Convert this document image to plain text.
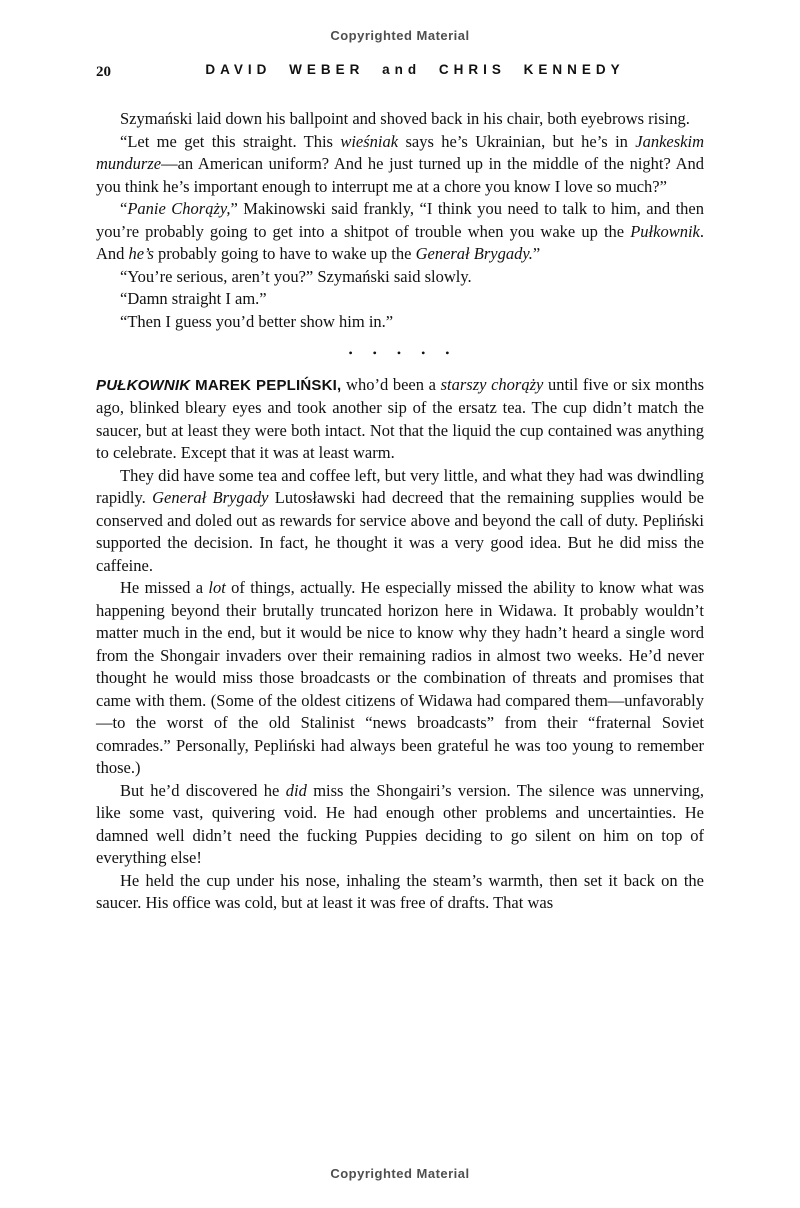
Copyrighted Material
20	DAVID WEBER and CHRIS KENNEDY

Szymański laid down his ballpoint and shoved back in his chair, both eyebrows rising.

“Let me get this straight. This wieśniak says he’s Ukrainian, but he’s in Jankeskim mundurze—an American uniform? And he just turned up in the middle of the night? And you think he’s important enough to interrupt me at a chore you know I love so much?”

“Panie Chorąży,” Makinowski said frankly, “I think you need to talk to him, and then you’re probably going to get into a shitpot of trouble when you wake up the Pułkownik. And he’s probably going to have to wake up the Generał Brygady.”

“You’re serious, aren’t you?” Szymański said slowly.

“Damn straight I am.”

“Then I guess you’d better show him in.”

• • • • •

PUŁKOWNIK MAREK PEPLIŃSKI, who’d been a starszy chorąży until five or six months ago, blinked bleary eyes and took another sip of the ersatz tea. The cup didn’t match the saucer, but at least they were both intact. Not that the liquid the cup contained was anything to celebrate. Except that it was at least warm.

They did have some tea and coffee left, but very little, and what they had was dwindling rapidly. Generał Brygady Lutosławski had decreed that the remaining supplies would be conserved and doled out as rewards for service above and beyond the call of duty. Pepliński supported the decision. In fact, he thought it was a very good idea. But he did miss the caffeine.

He missed a lot of things, actually. He especially missed the ability to know what was happening beyond their brutally truncated horizon here in Widawa. It probably wouldn’t matter much in the end, but it would be nice to know why they hadn’t heard a single word from the Shongair invaders over their remaining radios in almost two weeks. He’d never thought he would miss those broadcasts or the combination of threats and promises that came with them. (Some of the oldest citizens of Widawa had compared them—unfavorably—to the worst of the old Stalinist “news broadcasts” from their “fraternal Soviet comrades.” Personally, Pepliński had always been grateful he was too young to remember those.)

But he’d discovered he did miss the Shongairi’s version. The silence was unnerving, like some vast, quivering void. He had enough other problems and uncertainties. He damned well didn’t need the fucking Puppies deciding to go silent on him on top of everything else!

He held the cup under his nose, inhaling the steam’s warmth, then set it back on the saucer. His office was cold, but at least it was free of drafts. That was

Copyrighted Material
